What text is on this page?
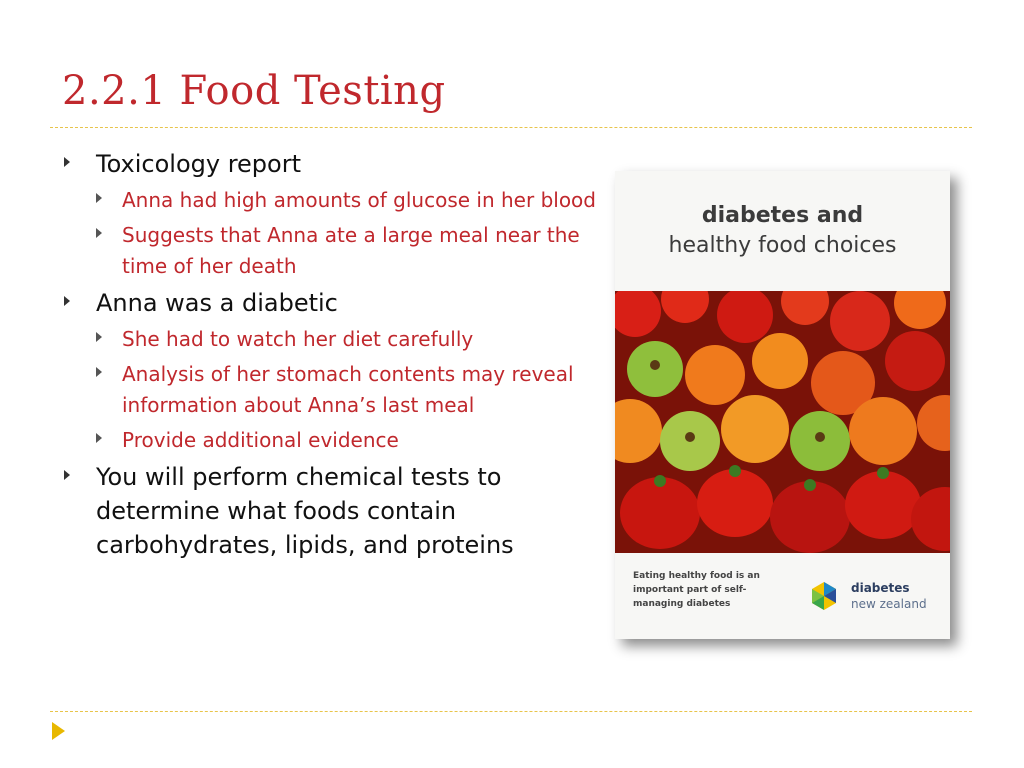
2.2.1 Food Testing
Toxicology report
Anna had high amounts of glucose in her blood
Suggests that Anna ate a large meal near the time of her death
Anna was a diabetic
She had to watch her diet carefully
Analysis of her stomach contents may reveal information about Anna’s last meal
Provide additional evidence
You will perform chemical tests to determine what foods contain carbohydrates, lipids, and proteins
diabetes and
healthy food choices
Eating healthy food is an important part of self-managing diabetes
diabetes
new zealand
